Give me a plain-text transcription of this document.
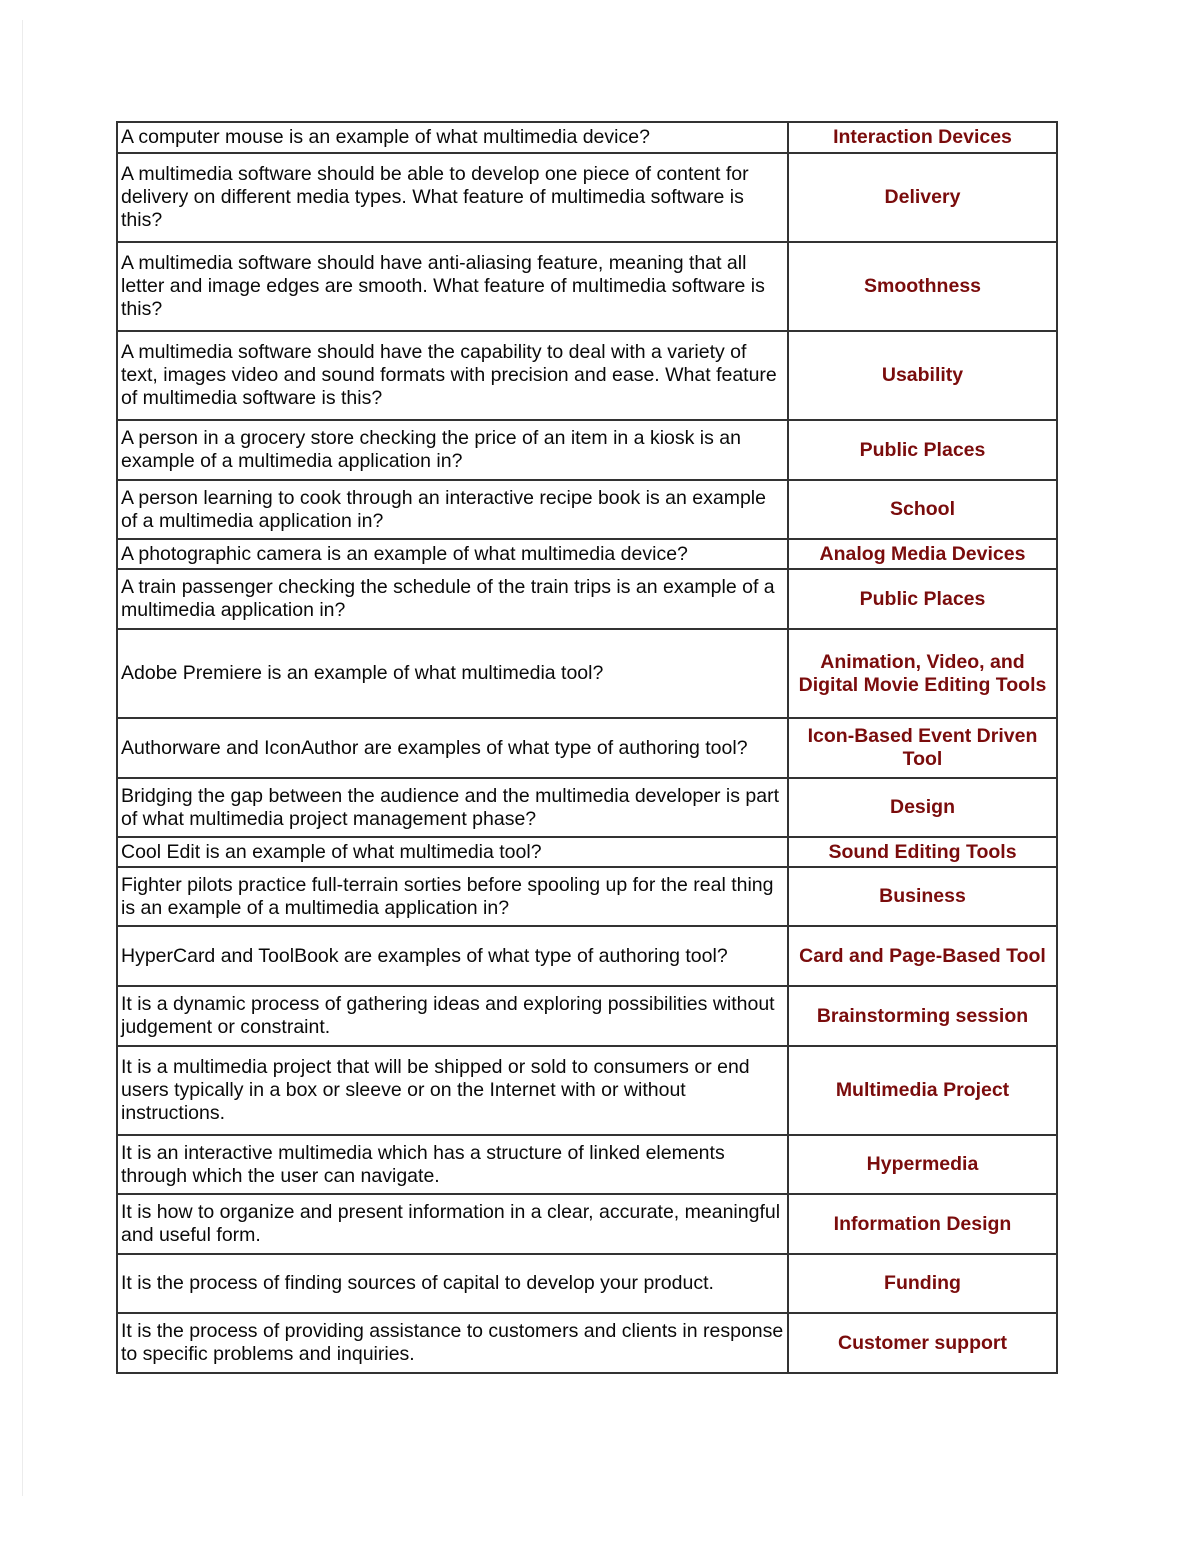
A computer mouse is an example of what multimedia device?	Interaction Devices
A multimedia software should be able to develop one piece of content for delivery on different media types. What feature of multimedia software is this?	Delivery
A multimedia software should have anti-aliasing feature, meaning that all letter and image edges are smooth. What feature of multimedia software is this?	Smoothness
A multimedia software should have the capability to deal with a variety of text, images video and sound formats with precision and ease. What feature of multimedia software is this?	Usability
A person in a grocery store checking the price of an item in a kiosk is an example of a multimedia application in?	Public Places
A person learning to cook through an interactive recipe book is an example of a multimedia application in?	School
A photographic camera is an example of what multimedia device?	Analog Media Devices
A train passenger checking the schedule of the train trips is an example of a multimedia application in?	Public Places
Adobe Premiere is an example of what multimedia tool?	Animation, Video, and Digital Movie Editing Tools
Authorware and IconAuthor are examples of what type of authoring tool?	Icon-Based Event Driven Tool
Bridging the gap between the audience and the multimedia developer is part of what multimedia project management phase?	Design
Cool Edit is an example of what multimedia tool?	Sound Editing Tools
Fighter pilots practice full-terrain sorties before spooling up for the real thing is an example of a multimedia application in?	Business
HyperCard and ToolBook are examples of what type of authoring tool?	Card and Page-Based Tool
It is a dynamic process of gathering ideas and exploring possibilities without judgement or constraint.	Brainstorming session
It is a multimedia project that will be shipped or sold to consumers or end users typically in a box or sleeve or on the Internet with or without instructions.	Multimedia Project
It is an interactive multimedia which has a structure of linked elements through which the user can navigate.	Hypermedia
It is how to organize and present information in a clear, accurate, meaningful and useful form.	Information Design
It is the process of finding sources of capital to develop your product.	Funding
It is the process of providing assistance to customers and clients in response to specific problems and inquiries.	Customer support
